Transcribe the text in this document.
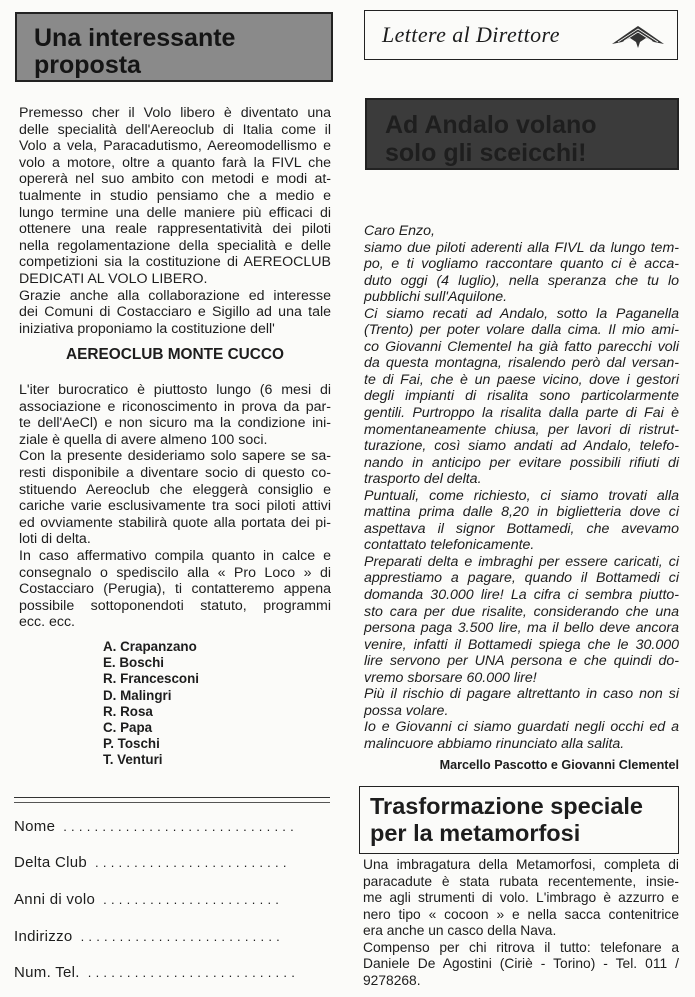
Una interessante
proposta
Premesso cher il Volo libero è diventato una
delle specialità dell'Aereoclub di Italia come il
Volo a vela, Paracadutismo, Aereomodellismo e
volo a motore, oltre a quanto farà la FIVL che
opererà nel suo ambito con metodi e modi at-
tualmente in studio pensiamo che a medio e
lungo termine una delle maniere più efficaci di
ottenere una reale rappresentatività dei piloti
nella regolamentazione della specialità e delle
competizioni sia la costituzione di AEREOCLUB
DEDICATI AL VOLO LIBERO.
Grazie anche alla collaborazione ed interesse
dei Comuni di Costacciaro e Sigillo ad una tale
iniziativa proponiamo la costituzione dell'
AEREOCLUB MONTE CUCCO
L'iter burocratico è piuttosto lungo (6 mesi di
associazione e riconoscimento in prova da par-
te dell'AeCl) e non sicuro ma la condizione ini-
ziale è quella di avere almeno 100 soci.
Con la presente desideriamo solo sapere se sa-
resti disponibile a diventare socio di questo co-
stituendo Aereoclub che eleggerà consiglio e
cariche varie esclusivamente tra soci piloti attivi
ed ovviamente stabilirà quote alla portata dei pi-
loti di delta.
In caso affermativo compila quanto in calce e
consegnalo o spediscilo alla « Pro Loco » di
Costacciaro (Perugia), ti contatteremo appena
possibile sottoponendoti statuto, programmi
ecc. ecc.
A. Crapanzano
E. Boschi
R. Francesconi
D. Malingri
R. Rosa
C. Papa
P. Toschi
T. Venturi
Nome . . . . . . . . . . . . . . . . . . . . . . . . . . . . . .
Delta Club . . . . . . . . . . . . . . . . . . . . . . . . .
Anni di volo . . . . . . . . . . . . . . . . . . . . . . .
Indirizzo . . . . . . . . . . . . . . . . . . . . . . . . . .
Num. Tel. . . . . . . . . . . . . . . . . . . . . . . . . . . .
Lettere al Direttore
Ad Andalo volano
solo gli sceicchi!
Caro Enzo,
siamo due piloti aderenti alla FIVL da lungo tem-
po, e ti vogliamo raccontare quanto ci è acca-
duto oggi (4 luglio), nella speranza che tu lo
pubblichi sull'Aquilone.
Ci siamo recati ad Andalo, sotto la Paganella
(Trento) per poter volare dalla cima. Il mio ami-
co Giovanni Clementel ha già fatto parecchi voli
da questa montagna, risalendo però dal versan-
te di Fai, che è un paese vicino, dove i gestori
degli impianti di risalita sono particolarmente
gentili. Purtroppo la risalita dalla parte di Fai è
momentaneamente chiusa, per lavori di ristrut-
turazione, così siamo andati ad Andalo, telefo-
nando in anticipo per evitare possibili rifiuti di
trasporto del delta.
Puntuali, come richiesto, ci siamo trovati alla
mattina prima dalle 8,20 in biglietteria dove ci
aspettava il signor Bottamedi, che avevamo
contattato telefonicamente.
Preparati delta e imbraghi per essere caricati, ci
apprestiamo a pagare, quando il Bottamedi ci
domanda 30.000 lire! La cifra ci sembra piutto-
sto cara per due risalite, considerando che una
persona paga 3.500 lire, ma il bello deve ancora
venire, infatti il Bottamedi spiega che le 30.000
lire servono per UNA persona e che quindi do-
vremo sborsare 60.000 lire!
Più il rischio di pagare altrettanto in caso non si
possa volare.
Io e Giovanni ci siamo guardati negli occhi ed a
malincuore abbiamo rinunciato alla salita.
Marcello Pascotto e Giovanni Clementel
Trasformazione speciale
per la metamorfosi
Una imbragatura della Metamorfosi, completa di
paracadute è stata rubata recentemente, insie-
me agli strumenti di volo. L'imbrago è azzurro e
nero tipo « cocoon » e nella sacca contenitrice
era anche un casco della Nava.
Compenso per chi ritrova il tutto: telefonare a
Daniele De Agostini (Ciriè - Torino) - Tel. 011 /
9278268.
